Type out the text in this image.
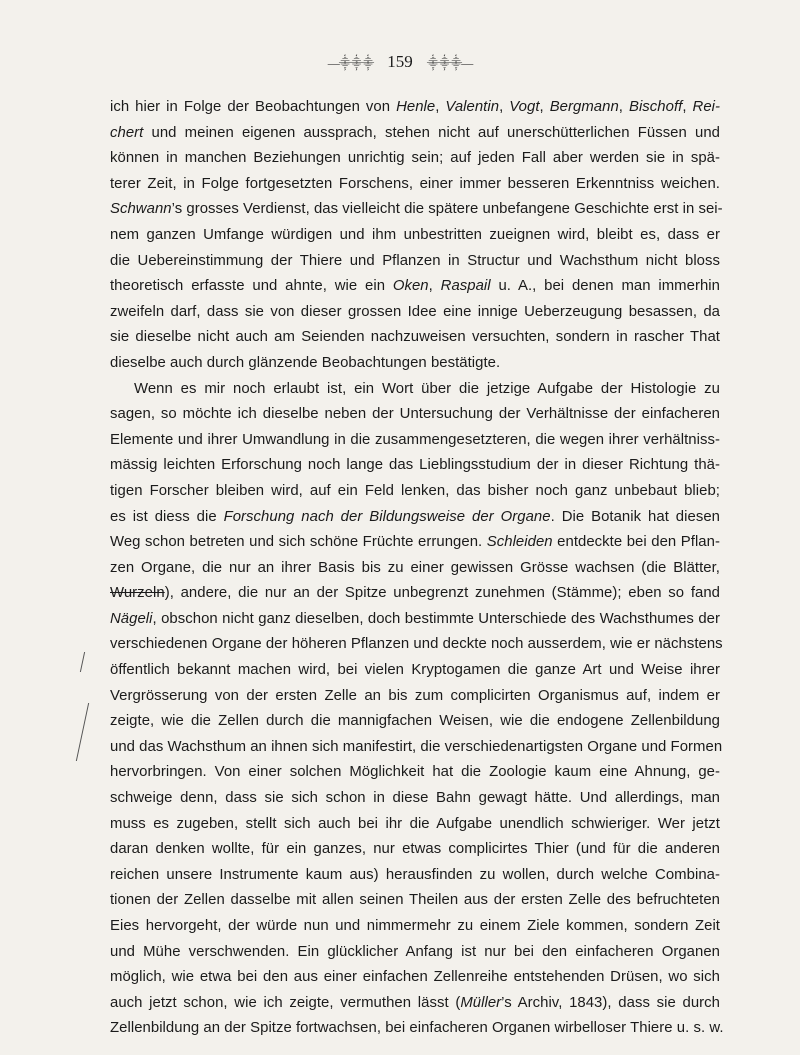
—⸎⸎⸎ 159 ⸎⸎⸎—

ich hier in Folge der Beobachtungen von Henle, Valentin, Vogt, Bergmann, Bischoff, Rei-
chert und meinen eigenen aussprach, stehen nicht auf unerschütterlichen Füssen und
können in manchen Beziehungen unrichtig sein; auf jeden Fall aber werden sie in spä-
terer Zeit, in Folge fortgesetzten Forschens, einer immer besseren Erkenntniss weichen.
Schwann’s grosses Verdienst, das vielleicht die spätere unbefangene Geschichte erst in sei-
nem ganzen Umfange würdigen und ihm unbestritten zueignen wird, bleibt es, dass er
die Uebereinstimmung der Thiere und Pflanzen in Structur und Wachsthum nicht bloss
theoretisch erfasste und ahnte, wie ein Oken, Raspail u. A., bei denen man immerhin
zweifeln darf, dass sie von dieser grossen Idee eine innige Ueberzeugung besassen, da
sie dieselbe nicht auch am Seienden nachzuweisen versuchten, sondern in rascher That
dieselbe auch durch glänzende Beobachtungen bestätigte.

Wenn es mir noch erlaubt ist, ein Wort über die jetzige Aufgabe der Histologie zu
sagen, so möchte ich dieselbe neben der Untersuchung der Verhältnisse der einfacheren
Elemente und ihrer Umwandlung in die zusammengesetzteren, die wegen ihrer verhältniss-
mässig leichten Erforschung noch lange das Lieblingsstudium der in dieser Richtung thä-
tigen Forscher bleiben wird, auf ein Feld lenken, das bisher noch ganz unbebaut blieb;
es ist diess die Forschung nach der Bildungsweise der Organe. Die Botanik hat diesen
Weg schon betreten und sich schöne Früchte errungen. Schleiden entdeckte bei den Pflan-
zen Organe, die nur an ihrer Basis bis zu einer gewissen Grösse wachsen (die Blätter,
Wurzeln), andere, die nur an der Spitze unbegrenzt zunehmen (Stämme); eben so fand
Nägeli, obschon nicht ganz dieselben, doch bestimmte Unterschiede des Wachsthumes der
verschiedenen Organe der höheren Pflanzen und deckte noch ausserdem, wie er nächstens
öffentlich bekannt machen wird, bei vielen Kryptogamen die ganze Art und Weise ihrer
Vergrösserung von der ersten Zelle an bis zum complicirten Organismus auf, indem er
zeigte, wie die Zellen durch die mannigfachen Weisen, wie die endogene Zellenbildung
und das Wachsthum an ihnen sich manifestirt, die verschiedenartigsten Organe und Formen
hervorbringen. Von einer solchen Möglichkeit hat die Zoologie kaum eine Ahnung, ge-
schweige denn, dass sie sich schon in diese Bahn gewagt hätte. Und allerdings, man
muss es zugeben, stellt sich auch bei ihr die Aufgabe unendlich schwieriger. Wer jetzt
daran denken wollte, für ein ganzes, nur etwas complicirtes Thier (und für die anderen
reichen unsere Instrumente kaum aus) herausfinden zu wollen, durch welche Combina-
tionen der Zellen dasselbe mit allen seinen Theilen aus der ersten Zelle des befruchteten
Eies hervorgeht, der würde nun und nimmermehr zu einem Ziele kommen, sondern Zeit
und Mühe verschwenden. Ein glücklicher Anfang ist nur bei den einfacheren Organen
möglich, wie etwa bei den aus einer einfachen Zellenreihe entstehenden Drüsen, wo sich
auch jetzt schon, wie ich zeigte, vermuthen lässt (Müller’s Archiv, 1843), dass sie durch
Zellenbildung an der Spitze fortwachsen, bei einfacheren Organen wirbelloser Thiere u. s. w.
